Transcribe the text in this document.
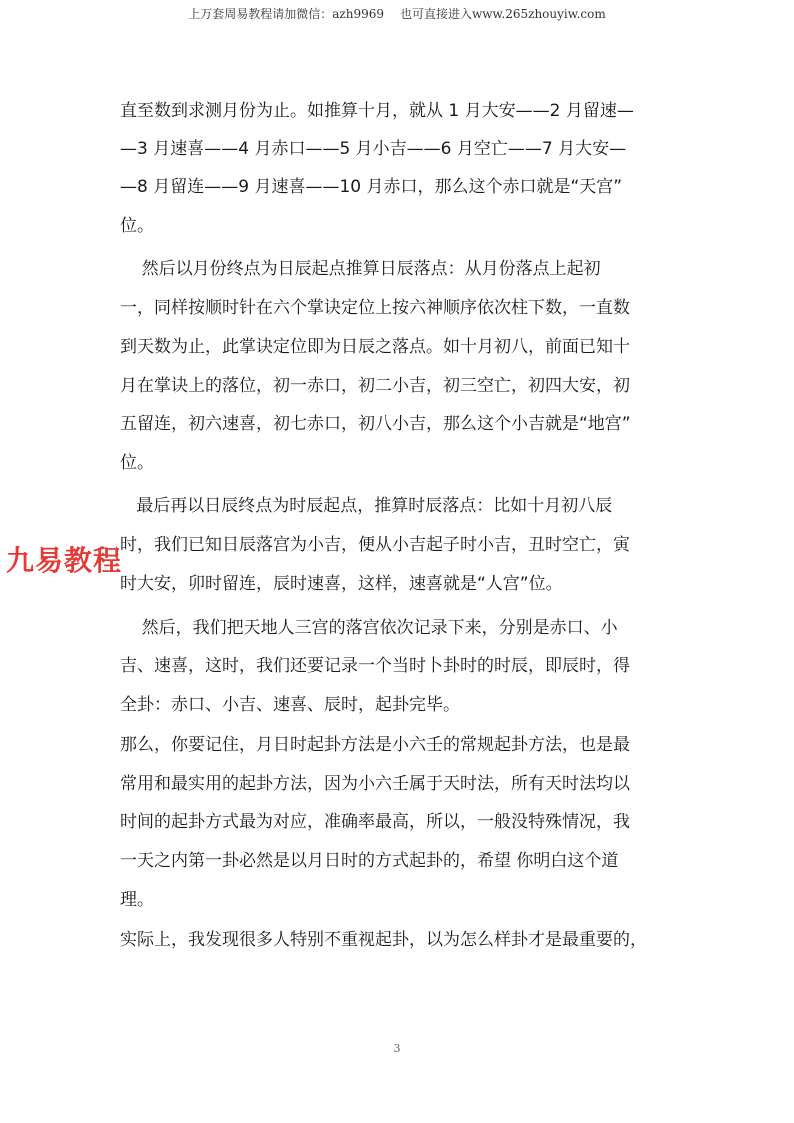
上万套周易教程请加微信：azh9969 也可直接进入www.265zhouyiw.com
直至数到求测月份为止。如推算十月，就从 1 月大安——2 月留速—
—3 月速喜——4 月赤口——5 月小吉——6 月空亡——7 月大安—
—8 月留连——9 月速喜——10 月赤口，那么这个赤口就是“天宫”
位。
然后以月份终点为日辰起点推算日辰落点：从月份落点上起初
一，同样按顺时针在六个掌诀定位上按六神顺序依次柱下数，一直数
到天数为止，此掌诀定位即为日辰之落点。如十月初八，前面已知十
月在掌诀上的落位，初一赤口，初二小吉，初三空亡，初四大安，初
五留连，初六速喜，初七赤口，初八小吉，那么这个小吉就是“地宫”
位。
最后再以日辰终点为时辰起点，推算时辰落点：比如十月初八辰
时，我们已知日辰落宫为小吉，便从小吉起子时小吉，丑时空亡，寅
时大安，卯时留连，辰时速喜，这样，速喜就是“人宫”位。
然后，我们把天地人三宫的落宫依次记录下来，分别是赤口、小
吉、速喜，这时，我们还要记录一个当时卜卦时的时辰，即辰时，得
全卦：赤口、小吉、速喜、辰时，起卦完毕。
那么，你要记住，月日时起卦方法是小六壬的常规起卦方法，也是最
常用和最实用的起卦方法，因为小六壬属于天时法，所有天时法均以
时间的起卦方式最为对应，准确率最高，所以，一般没特殊情况，我
一天之内第一卦必然是以月日时的方式起卦的，希望 你明白这个道
理。
实际上，我发现很多人特别不重视起卦，以为怎么样卦才是最重要的，
九易教程
3
